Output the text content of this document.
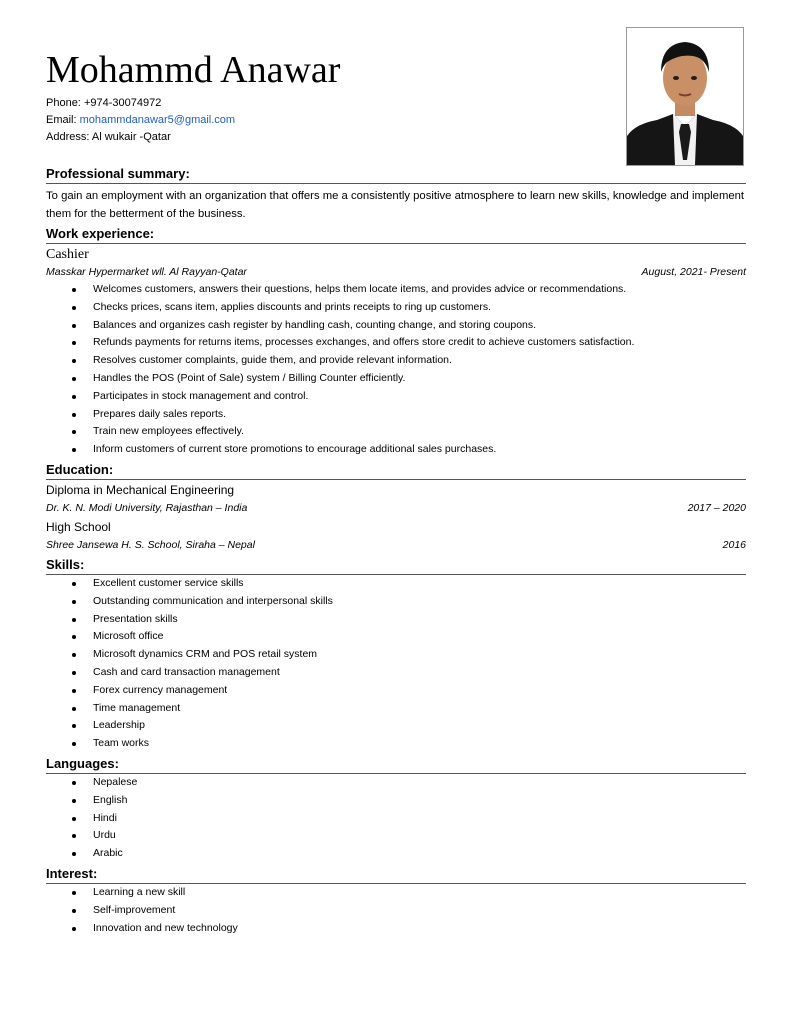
Mohammd Anawar
Phone: +974-30074972
Email: mohammdanawar5@gmail.com
Address: Al wukair -Qatar
Professional summary:
To gain an employment with an organization that offers me a consistently positive atmosphere to learn new skills, knowledge and implement them for the betterment of the business.
Work experience:
Cashier
Masskar Hypermarket wll. Al Rayyan-Qatar	August, 2021- Present
Welcomes customers, answers their questions, helps them locate items, and provides advice or recommendations.
Checks prices, scans item, applies discounts and prints receipts to ring up customers.
Balances and organizes cash register by handling cash, counting change, and storing coupons.
Refunds payments for returns items, processes exchanges, and offers store credit to achieve customers satisfaction.
Resolves customer complaints, guide them, and provide relevant information.
Handles the POS (Point of Sale) system / Billing Counter efficiently.
Participates in stock management and control.
Prepares daily sales reports.
Train new employees effectively.
Inform customers of current store promotions to encourage additional sales purchases.
Education:
Diploma in Mechanical Engineering
Dr. K. N. Modi University, Rajasthan – India	2017 – 2020
High School
Shree Jansewa H. S. School, Siraha – Nepal	2016
Skills:
Excellent customer service skills
Outstanding communication and interpersonal skills
Presentation skills
Microsoft office
Microsoft dynamics CRM and POS retail system
Cash and card transaction management
Forex currency management
Time management
Leadership
Team works
Languages:
Nepalese
English
Hindi
Urdu
Arabic
Interest:
Learning a new skill
Self-improvement
Innovation and new technology
